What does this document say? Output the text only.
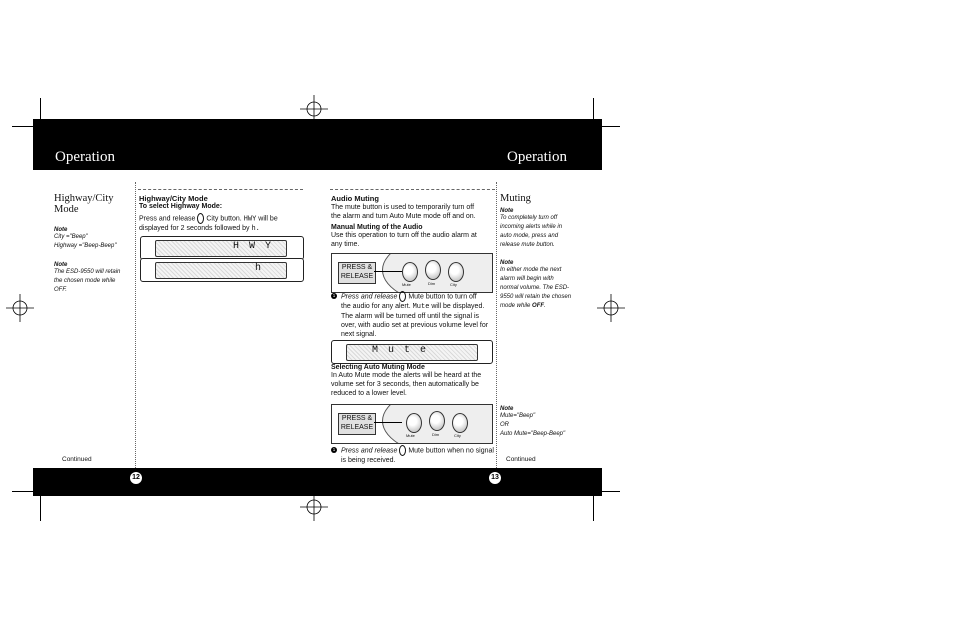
Operation	Operation
12	13
Highway/City Mode
Note
City ="Beep"
Highway ="Beep-Beep"
Note
The ESD-9550 will retain
the chosen mode while
OFF.
Continued
Highway/City Mode
To select Highway Mode:
Press and release City button. HWY will be
displayed for 2 seconds followed by h.
H W Y
h
Audio Muting
The mute button is used to temporarily turn off
the alarm and turn Auto Mute mode off and on.
Manual Muting of the Audio
Use this operation to turn off the audio alarm at
any time.
PRESS &
RELEASE
Mute	Dim	City
1 Press and release Mute button to turn off
the audio for any alert. Mute will be displayed.
The alarm will be turned off until the signal is
over, with audio set at previous volume level for
next signal.
M u t e
Selecting Auto Muting Mode
In Auto Mute mode the alerts will be heard at the
volume set for 3 seconds, then automatically be
reduced to a lower level.
PRESS &
RELEASE
Mute	Dim	City
1 Press and release Mute button when no signal
is being received.
Muting
Note
To completely turn off
incoming alerts while in
auto mode, press and
release mute button.
Note
In either mode the next
alarm will begin with
normal volume. The ESD-
9550 will retain the chosen
mode while OFF.
Note
Mute="Beep"
OR
Auto Mute="Beep-Beep"
Continued
